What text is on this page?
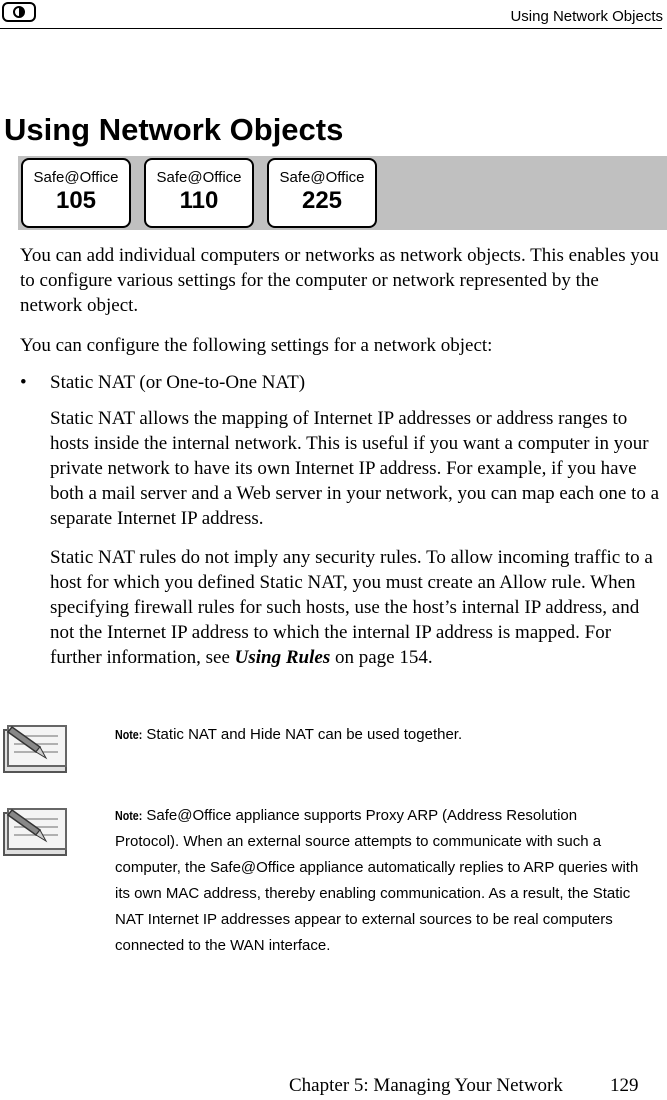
Using Network Objects
Using Network Objects
Safe@Office
105
Safe@Office
110
Safe@Office
225

You can add individual computers or networks as network objects. This enables you to configure various settings for the computer or network represented by the network object.

You can configure the following settings for a network object:

• Static NAT (or One-to-One NAT)

Static NAT allows the mapping of Internet IP addresses or address ranges to hosts inside the internal network. This is useful if you want a computer in your private network to have its own Internet IP address. For example, if you have both a mail server and a Web server in your network, you can map each one to a separate Internet IP address.

Static NAT rules do not imply any security rules. To allow incoming traffic to a host for which you defined Static NAT, you must create an Allow rule. When specifying firewall rules for such hosts, use the host’s internal IP address, and not the Internet IP address to which the internal IP address is mapped. For further information, see Using Rules on page 154.

Note: Static NAT and Hide NAT can be used together.

Note: Safe@Office appliance supports Proxy ARP (Address Resolution Protocol). When an external source attempts to communicate with such a computer, the Safe@Office appliance automatically replies to ARP queries with its own MAC address, thereby enabling communication. As a result, the Static NAT Internet IP addresses appear to external sources to be real computers connected to the WAN interface.

Chapter 5: Managing Your Network 129
